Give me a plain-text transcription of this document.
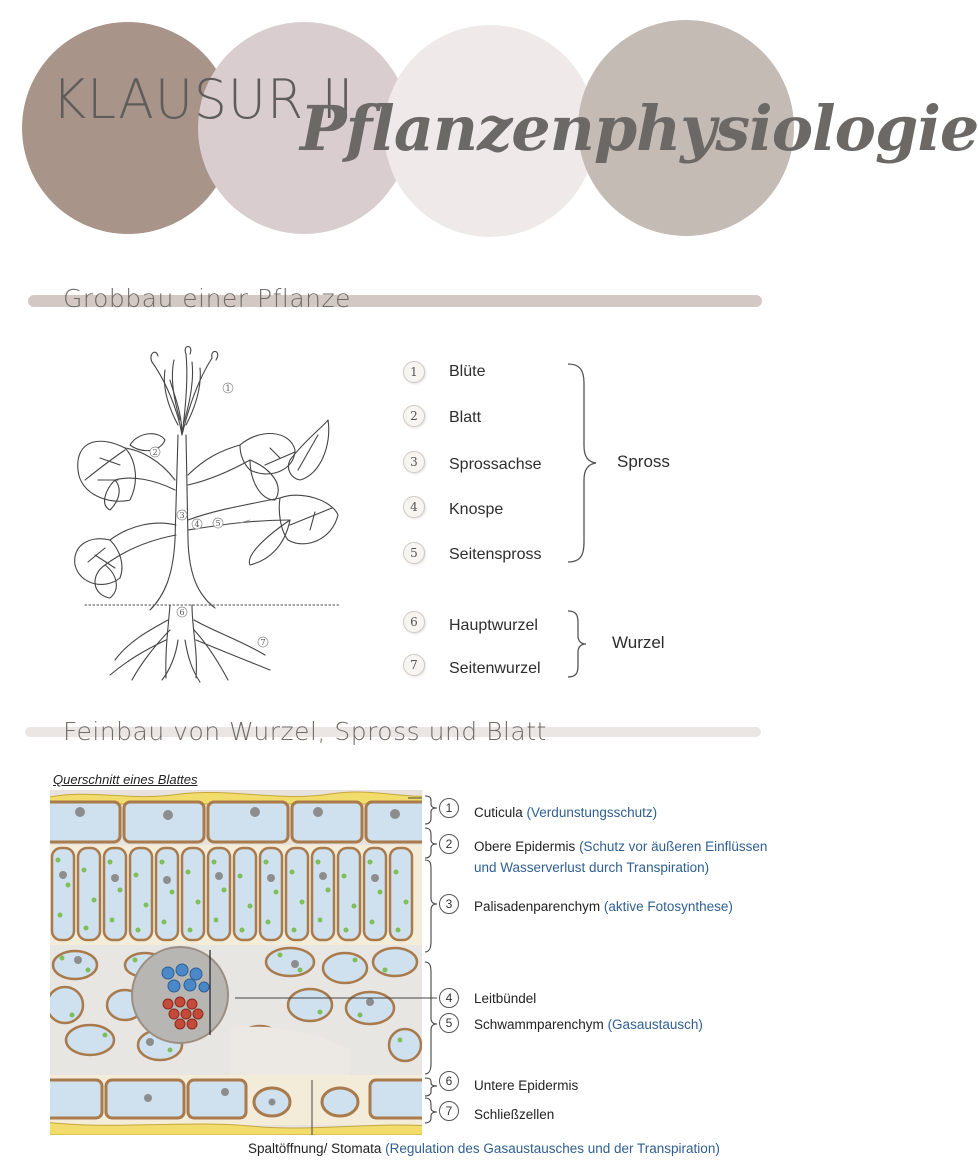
KLAUSUR II
Pflanzenphysiologie
Grobbau einer Pflanze
1
2
3
4 5
6
7
1	Blüte
2	Blatt
3	Sprossachse
4	Knospe
5	Seitenspross
6	Hauptwurzel
7	Seitenwurzel
Spross
Wurzel
Feinbau von Wurzel, Spross und Blatt
Querschnitt eines Blattes
1	Cuticula (Verdunstungsschutz)
2	Obere Epidermis (Schutz vor äußeren Einflüssen
und Wasserverlust durch Transpiration)
3	Palisadenparenchym (aktive Fotosynthese)
4	Leitbündel
5	Schwammparenchym (Gasaustausch)
6	Untere Epidermis
7	Schließzellen
Spaltöffnung/ Stomata (Regulation des Gasaustausches und der Transpiration)
